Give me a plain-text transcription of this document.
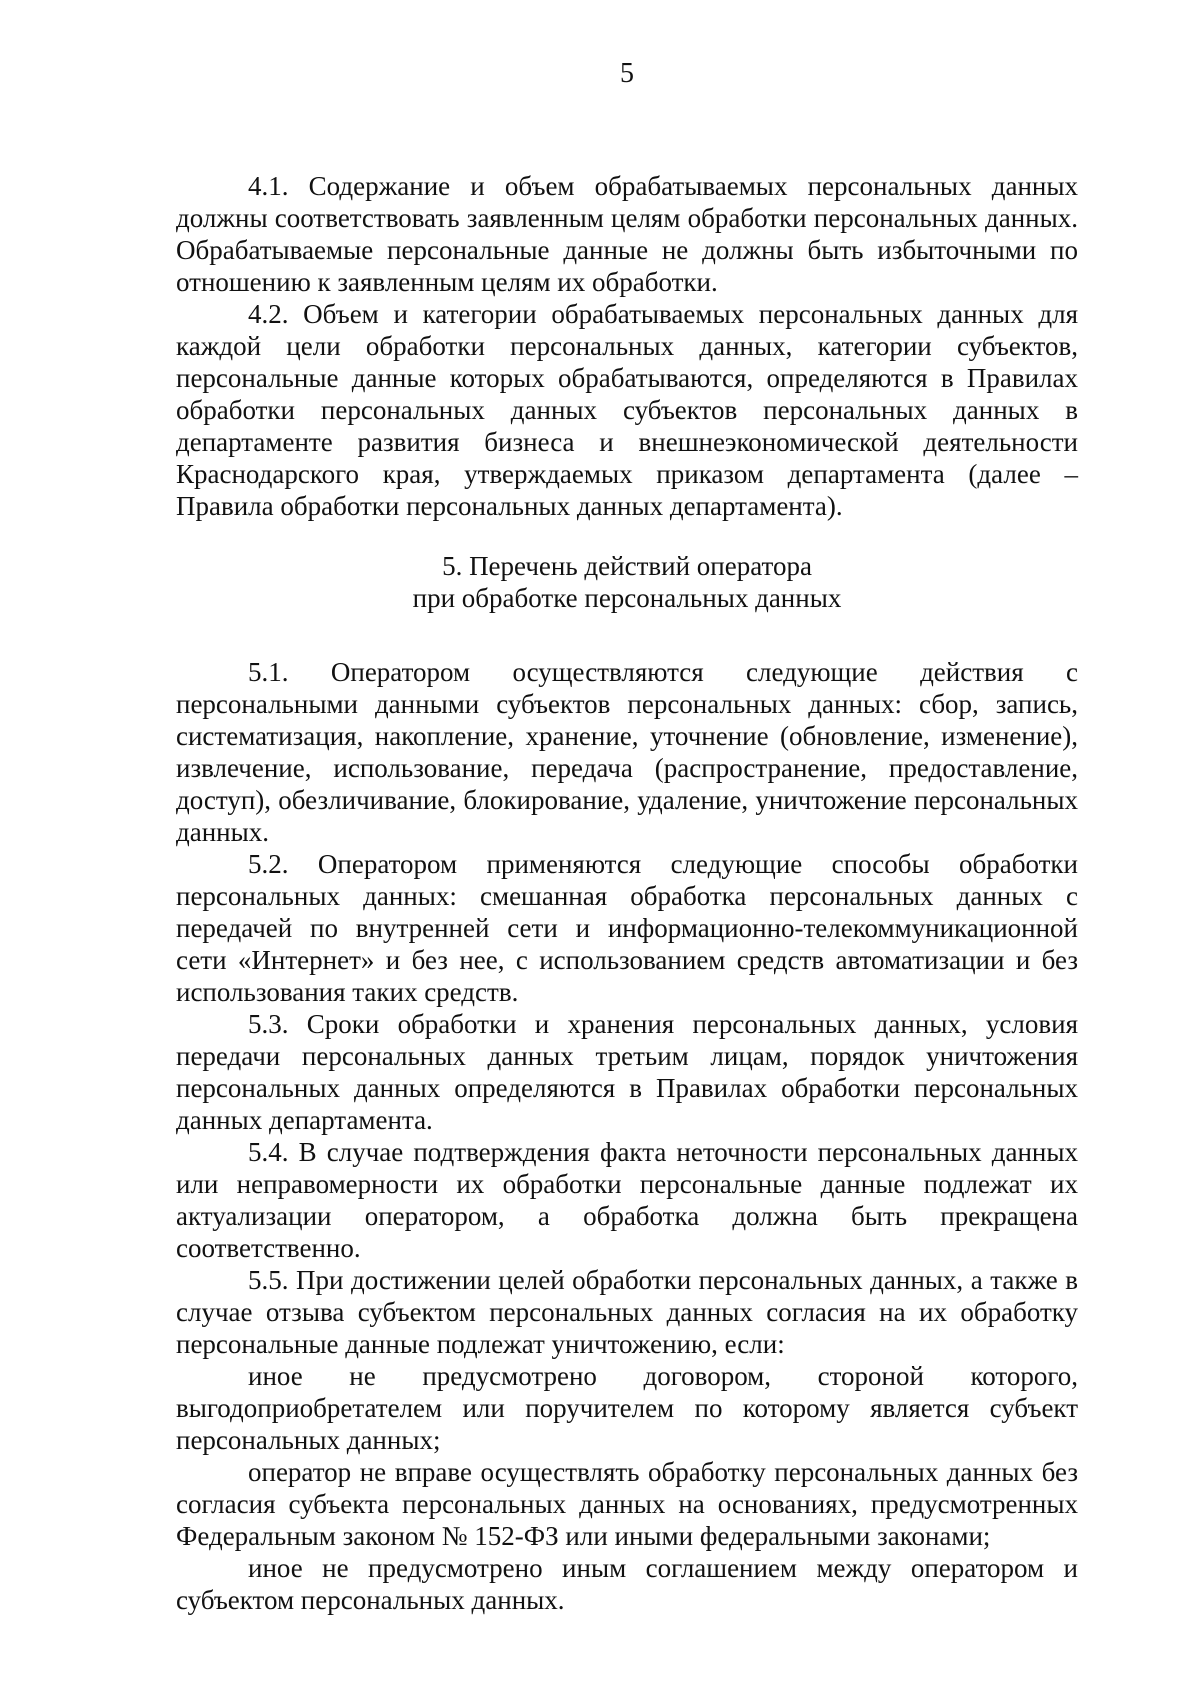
5

4.1. Содержание и объем обрабатываемых персональных данных должны соответствовать заявленным целям обработки персональных данных. Обрабатываемые персональные данные не должны быть избыточными по отношению к заявленным целям их обработки.

4.2. Объем и категории обрабатываемых персональных данных для каждой цели обработки персональных данных, категории субъектов, персональные данные которых обрабатываются, определяются в Правилах обработки персональных данных субъектов персональных данных в департаменте развития бизнеса и внешнеэкономической деятельности Краснодарского края, утверждаемых приказом департамента (далее – Правила обработки персональных данных департамента).

5. Перечень действий оператора
при обработке персональных данных

5.1. Оператором осуществляются следующие действия с персональными данными субъектов персональных данных: сбор, запись, систематизация, накопление, хранение, уточнение (обновление, изменение), извлечение, использование, передача (распространение, предоставление, доступ), обезличивание, блокирование, удаление, уничтожение персональных данных.

5.2. Оператором применяются следующие способы обработки персональных данных: смешанная обработка персональных данных с передачей по внутренней сети и информационно-телекоммуникационной сети «Интернет» и без нее, с использованием средств автоматизации и без использования таких средств.

5.3. Сроки обработки и хранения персональных данных, условия передачи персональных данных третьим лицам, порядок уничтожения персональных данных определяются в Правилах обработки персональных данных департамента.

5.4. В случае подтверждения факта неточности персональных данных или неправомерности их обработки персональные данные подлежат их актуализации оператором, а обработка должна быть прекращена соответственно.

5.5. При достижении целей обработки персональных данных, а также в случае отзыва субъектом персональных данных согласия на их обработку персональные данные подлежат уничтожению, если:

иное не предусмотрено договором, стороной которого, выгодоприобретателем или поручителем по которому является субъект персональных данных;

оператор не вправе осуществлять обработку персональных данных без согласия субъекта персональных данных на основаниях, предусмотренных Федеральным законом № 152-ФЗ или иными федеральными законами;

иное не предусмотрено иным соглашением между оператором и субъектом персональных данных.
